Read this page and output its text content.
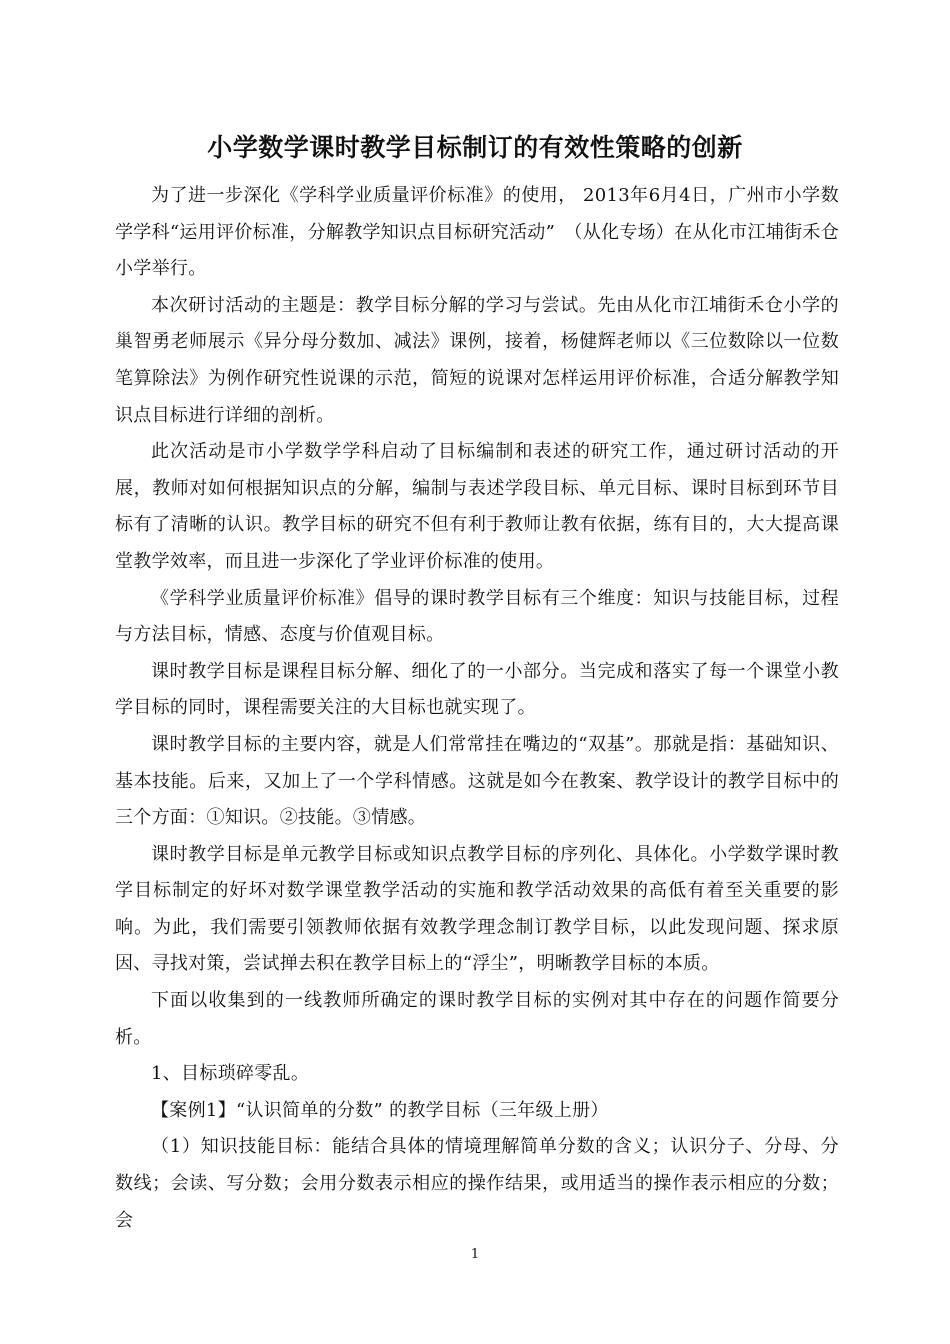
小学数学课时教学目标制订的有效性策略的创新

为了进一步深化《学科学业质量评价标准》的使用， 2013年6月4日，广州市小学数学学科“运用评价标准，分解教学知识点目标研究活动”　（从化专场）在从化市江埔街禾仓小学举行。

本次研讨活动的主题是：教学目标分解的学习与尝试。先由从化市江埔街禾仓小学的巢智勇老师展示《异分母分数加、减法》课例，接着，杨健辉老师以《三位数除以一位数笔算除法》为例作研究性说课的示范，简短的说课对怎样运用评价标准，合适分解教学知识点目标进行详细的剖析。

此次活动是市小学数学学科启动了目标编制和表述的研究工作，通过研讨活动的开展，教师对如何根据知识点的分解，编制与表述学段目标、单元目标、课时目标到环节目标有了清晰的认识。教学目标的研究不但有利于教师让教有依据，练有目的，大大提高课堂教学效率，而且进一步深化了学业评价标准的使用。

《学科学业质量评价标准》倡导的课时教学目标有三个维度：知识与技能目标，过程与方法目标，情感、态度与价值观目标。

课时教学目标是课程目标分解、细化了的一小部分。当完成和落实了每一个课堂小教学目标的同时，课程需要关注的大目标也就实现了。

课时教学目标的主要内容，就是人们常常挂在嘴边的“双基”。那就是指：基础知识、基本技能。后来，又加上了一个学科情感。这就是如今在教案、教学设计的教学目标中的三个方面：①知识。②技能。③情感。

课时教学目标是单元教学目标或知识点教学目标的序列化、具体化。小学数学课时教学目标制定的好坏对数学课堂教学活动的实施和教学活动效果的高低有着至关重要的影响。为此，我们需要引领教师依据有效教学理念制订教学目标，以此发现问题、探求原因、寻找对策，尝试掸去积在教学目标上的“浮尘”，明晰教学目标的本质。

下面以收集到的一线教师所确定的课时教学目标的实例对其中存在的问题作简要分析。

1、目标琐碎零乱。

【案例1】“认识简单的分数” 的教学目标（三年级上册）

（1）知识技能目标：能结合具体的情境理解简单分数的含义；认识分子、分母、分数线；会读、写分数；会用分数表示相应的操作结果，或用适当的操作表示相应的分数；会

1
